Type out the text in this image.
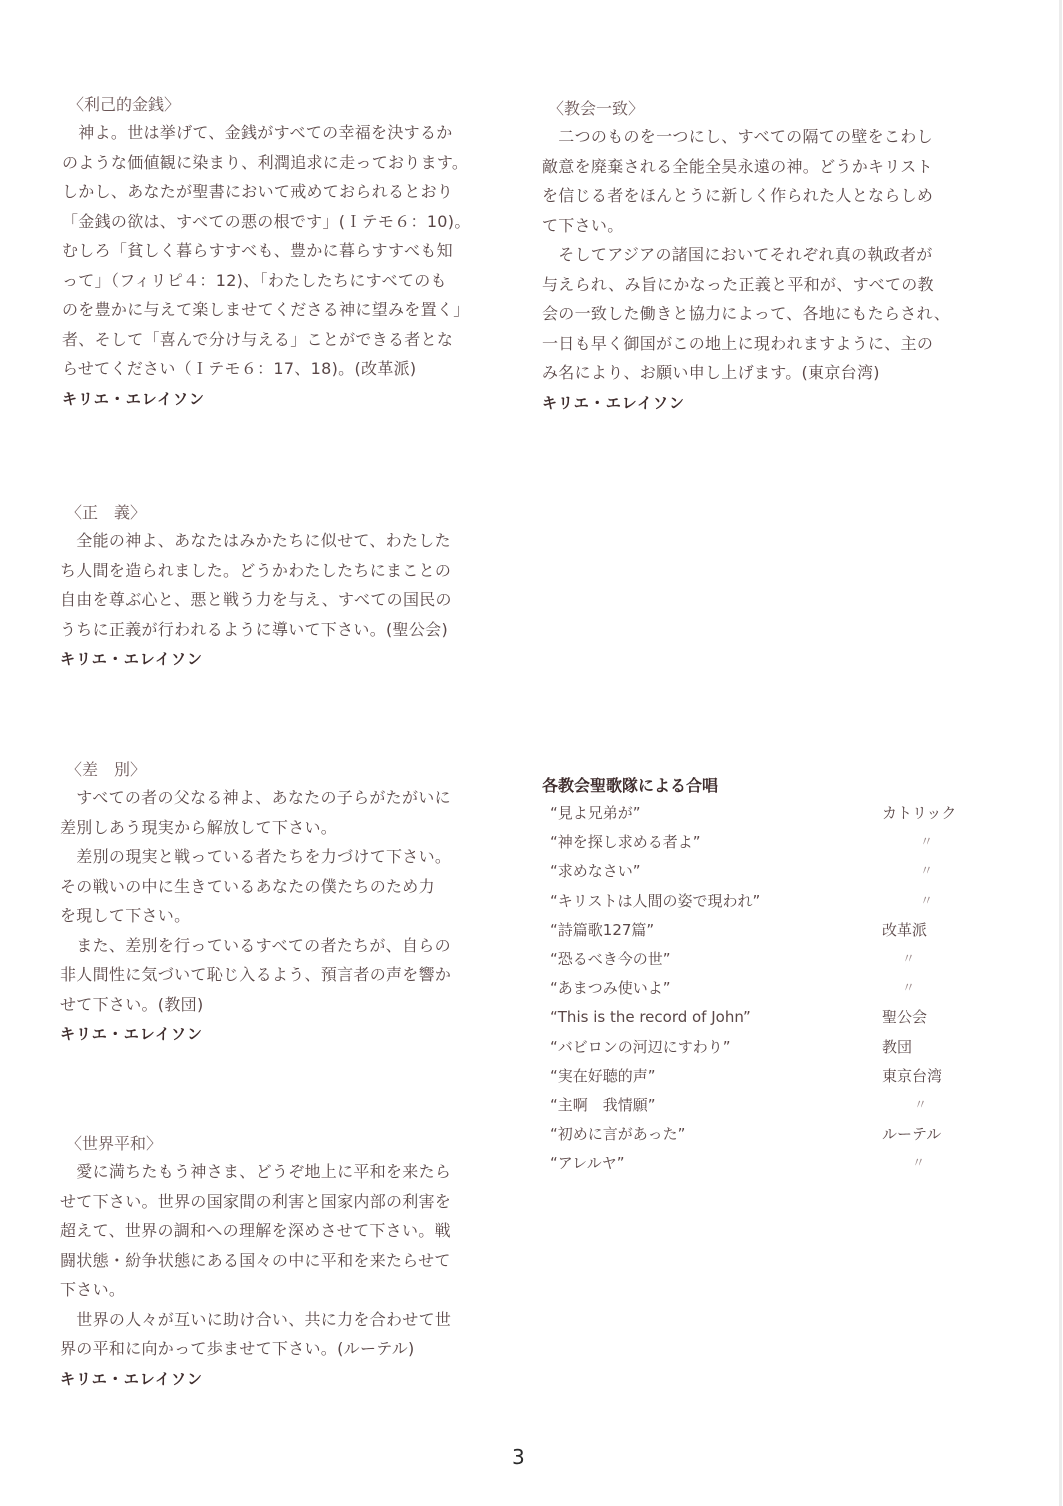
〈利己的金銭〉
　神よ。世は挙げて、金銭がすべての幸福を決するか
のような価値観に染まり、利潤追求に走っております。
しかし、あなたが聖書において戒めておられるとおり
「金銭の欲は、すべての悪の根です」(Ｉテモ６：10)。
むしろ「貧しく暮らすすべも、豊かに暮らすすべも知
って」（フィリピ４：12)、「わたしたちにすべてのも
のを豊かに与えて楽しませてくださる神に望みを置く」
者、そして「喜んで分け与える」ことができる者とな
らせてください（Ｉテモ６：17、18)。(改革派)
キリエ・エレイソン
〈教会一致〉
　二つのものを一つにし、すべての隔ての壁をこわし
敵意を廃棄される全能全昊永遠の神。どうかキリスト
を信じる者をほんとうに新しく作られた人とならしめ
て下さい。
　そしてアジアの諸国においてそれぞれ真の執政者が
与えられ、み旨にかなった正義と平和が、すべての教
会の一致した働きと協力によって、各地にもたらされ、
一日も早く御国がこの地上に現われますように、主の
み名により、お願い申し上げます。(東京台湾)
キリエ・エレイソン
〈正　義〉
　全能の神よ、あなたはみかたちに似せて、わたした
ち人間を造られました。どうかわたしたちにまことの
自由を尊ぶ心と、悪と戦う力を与え、すべての国民の
うちに正義が行われるように導いて下さい。(聖公会)
キリエ・エレイソン
〈差　別〉
　すべての者の父なる神よ、あなたの子らがたがいに
差別しあう現実から解放して下さい。
　差別の現実と戦っている者たちを力づけて下さい。
その戦いの中に生きているあなたの僕たちのため力
を現して下さい。
　また、差別を行っているすべての者たちが、自らの
非人間性に気づいて恥じ入るよう、預言者の声を響か
せて下さい。(教団)
キリエ・エレイソン
〈世界平和〉
　愛に満ちたもう神さま、どうぞ地上に平和を来たら
せて下さい。世界の国家間の利害と国家内部の利害を
超えて、世界の調和への理解を深めさせて下さい。戦
闘状態・紛争状態にある国々の中に平和を来たらせて
下さい。
　世界の人々が互いに助け合い、共に力を合わせて世
界の平和に向かって歩ませて下さい。(ルーテル)
キリエ・エレイソン
各教会聖歌隊による合唱
“見よ兄弟が”	カトリック
“神を探し求める者よ”	〃
“求めなさい”	〃
“キリストは人間の姿で現われ”	〃
“詩篇歌127篇”	改革派
“恐るべき今の世”	〃
“あまつみ使いよ”	〃
“This is the record of John”	聖公会
“バビロンの河辺にすわり”	教団
“実在好聴的声”	東京台湾
“主啊　我情願”	〃
“初めに言があった”	ルーテル
“アレルヤ”	〃
3
